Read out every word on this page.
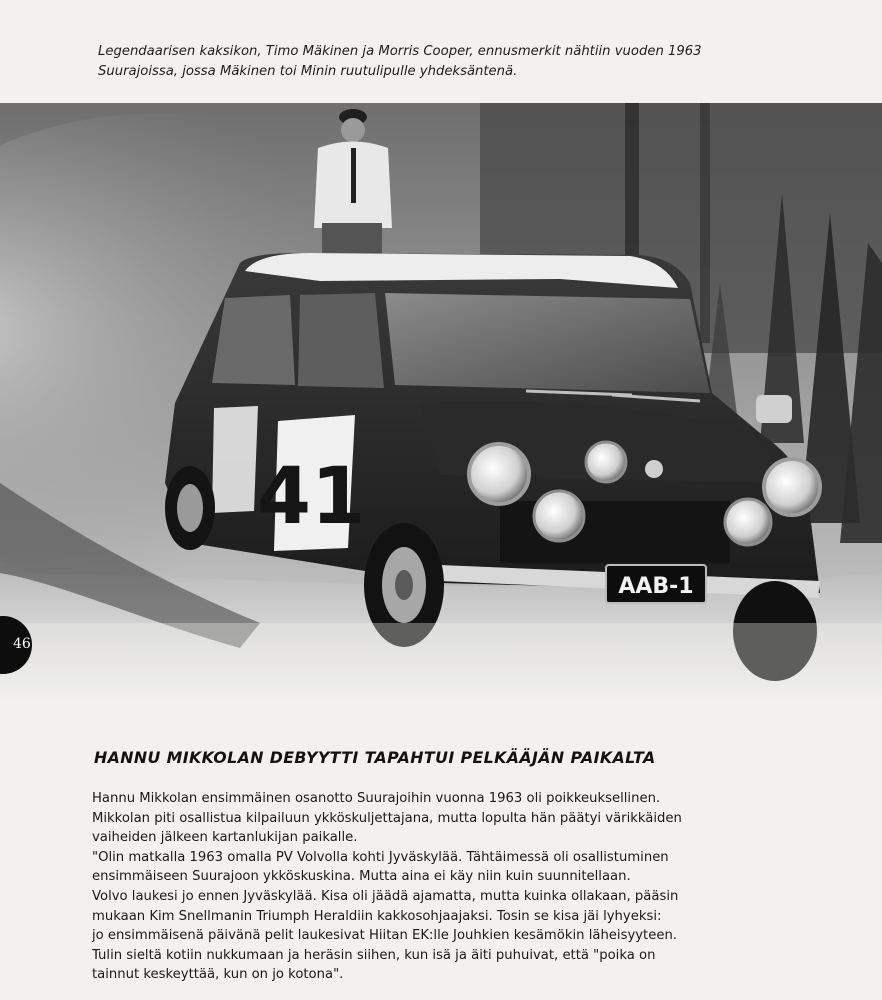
Legendaarisen kaksikon, Timo Mäkinen ja Morris Cooper, ennusmerkit nähtiin vuoden 1963
Suurajoissa, jossa Mäkinen toi Minin ruutulipulle yhdeksäntenä.

41
AAB-1
46
HANNU MIKKOLAN DEBYYTTI TAPAHTUI PELKÄÄJÄN PAIKALTA
Hannu Mikkolan ensimmäinen osanotto Suurajoihin vuonna 1963 oli poikkeuksellinen.
Mikkolan piti osallistua kilpailuun ykköskuljettajana, mutta lopulta hän päätyi värikkäiden
vaiheiden jälkeen kartanlukijan paikalle.
"Olin matkalla 1963 omalla PV Volvolla kohti Jyväskylää. Tähtäimessä oli osallistuminen
ensimmäiseen Suurajoon ykköskuskina. Mutta aina ei käy niin kuin suunnitellaan.
Volvo laukesi jo ennen Jyväskylää. Kisa oli jäädä ajamatta, mutta kuinka ollakaan, pääsin
mukaan Kim Snellmanin Triumph Heraldiin kakkosohjaajaksi. Tosin se kisa jäi lyhyeksi:
jo ensimmäisenä päivänä pelit laukesivat Hiitan EK:lle Jouhkien kesämökin läheisyyteen.
Tulin sieltä kotiin nukkumaan ja heräsin siihen, kun isä ja äiti puhuivat, että "poika on
tainnut keskeyttää, kun on jo kotona".
